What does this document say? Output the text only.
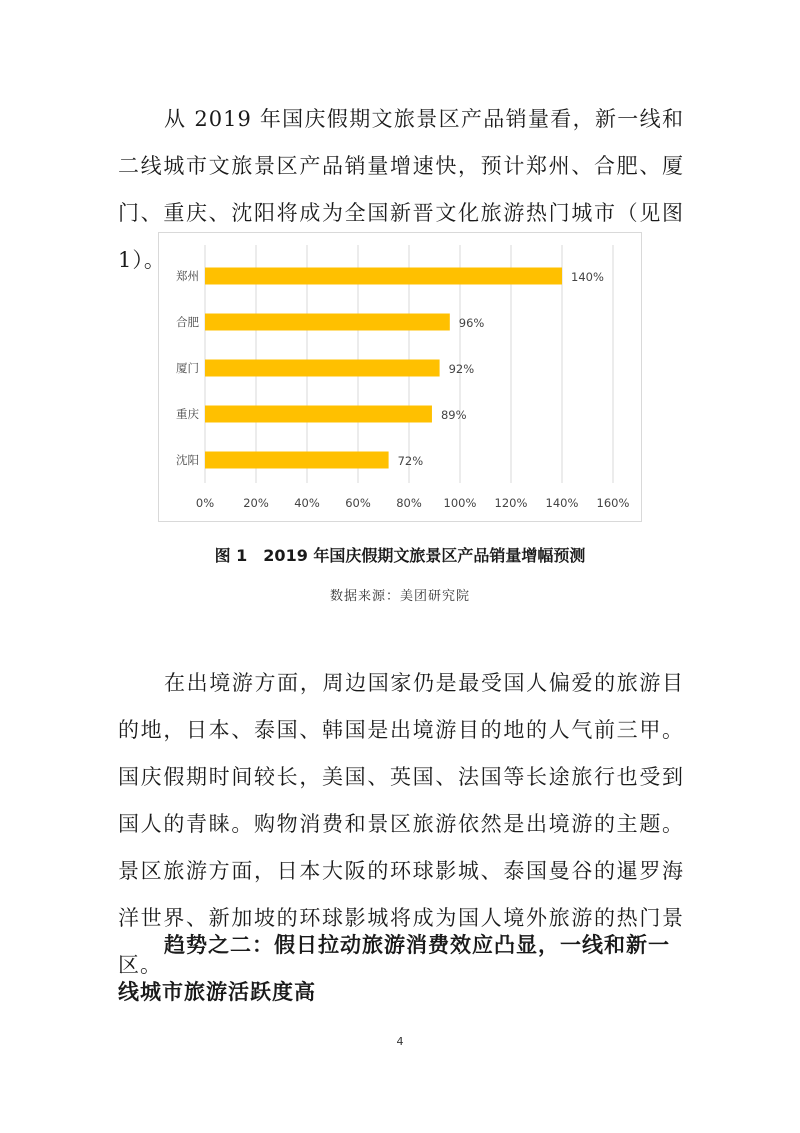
从 2019 年国庆假期文旅景区产品销量看，新一线和二线城市文旅景区产品销量增速快，预计郑州、合肥、厦门、重庆、沈阳将成为全国新晋文化旅游热门城市（见图 1）。

0%	20% 40% 60% 80% 100% 120% 140% 160%
郑州	140%
合肥	96%
厦门	92%
重庆	89%
沈阳	72%
图 1　2019 年国庆假期文旅景区产品销量增幅预测
数据来源：美团研究院

在出境游方面，周边国家仍是最受国人偏爱的旅游目的地，日本、泰国、韩国是出境游目的地的人气前三甲。国庆假期时间较长，美国、英国、法国等长途旅行也受到国人的青睐。购物消费和景区旅游依然是出境游的主题。景区旅游方面，日本大阪的环球影城、泰国曼谷的暹罗海洋世界、新加坡的环球影城将成为国人境外旅游的热门景区。

趋势之二：假日拉动旅游消费效应凸显，一线和新一线城市旅游活跃度高

4
